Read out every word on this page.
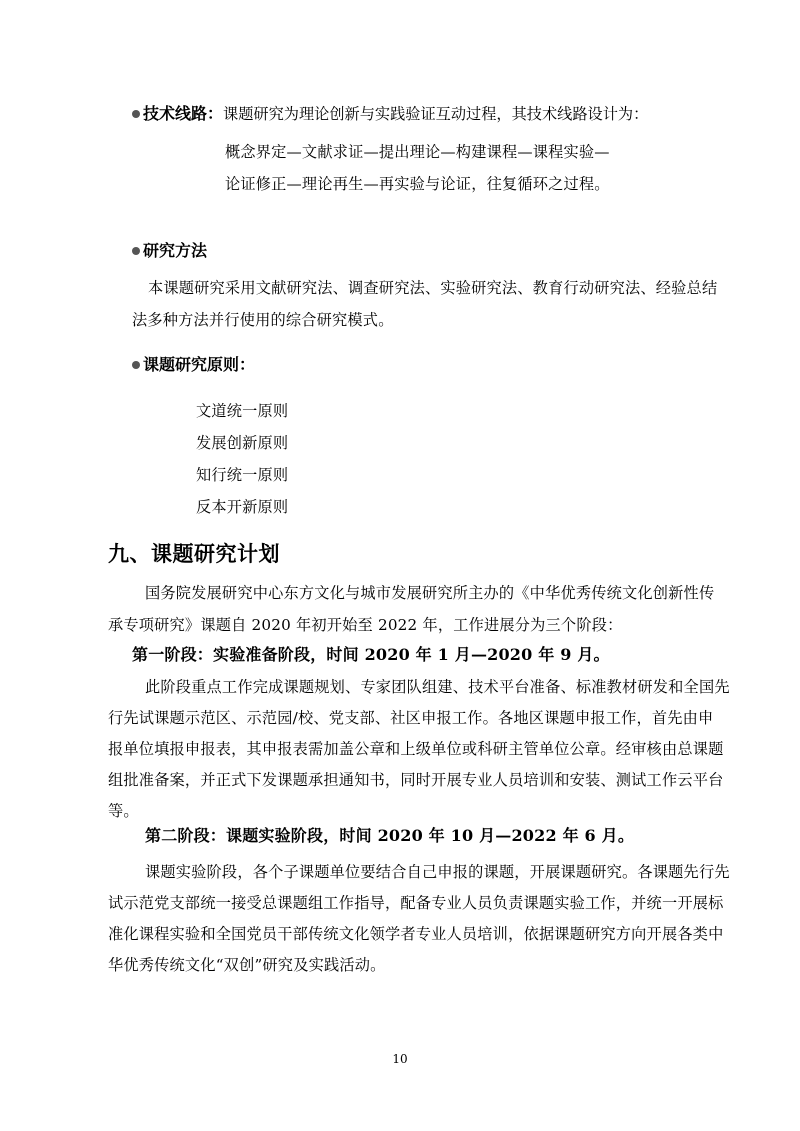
技术线路：课题研究为理论创新与实践验证互动过程，其技术线路设计为：
概念界定—文献求证—提出理论—构建课程—课程实验—
论证修正—理论再生—再实验与论证，往复循环之过程。
研究方法
本课题研究采用文献研究法、调查研究法、实验研究法、教育行动研究法、经验总结
法多种方法并行使用的综合研究模式。
课题研究原则：
文道统一原则
发展创新原则
知行统一原则
反本开新原则
九、课题研究计划
国务院发展研究中心东方文化与城市发展研究所主办的《中华优秀传统文化创新性传
承专项研究》课题自 2020 年初开始至 2022 年，工作进展分为三个阶段：
第一阶段：实验准备阶段，时间 2020 年 1 月—2020 年 9 月。
此阶段重点工作完成课题规划、专家团队组建、技术平台准备、标准教材研发和全国先
行先试课题示范区、示范园/校、党支部、社区申报工作。各地区课题申报工作，首先由申
报单位填报申报表，其申报表需加盖公章和上级单位或科研主管单位公章。经审核由总课题
组批准备案，并正式下发课题承担通知书，同时开展专业人员培训和安装、测试工作云平台
等。
第二阶段：课题实验阶段，时间 2020 年 10 月—2022 年 6 月。
课题实验阶段，各个子课题单位要结合自己申报的课题，开展课题研究。各课题先行先
试示范党支部统一接受总课题组工作指导，配备专业人员负责课题实验工作，并统一开展标
准化课程实验和全国党员干部传统文化领学者专业人员培训，依据课题研究方向开展各类中
华优秀传统文化“双创”研究及实践活动。
10
